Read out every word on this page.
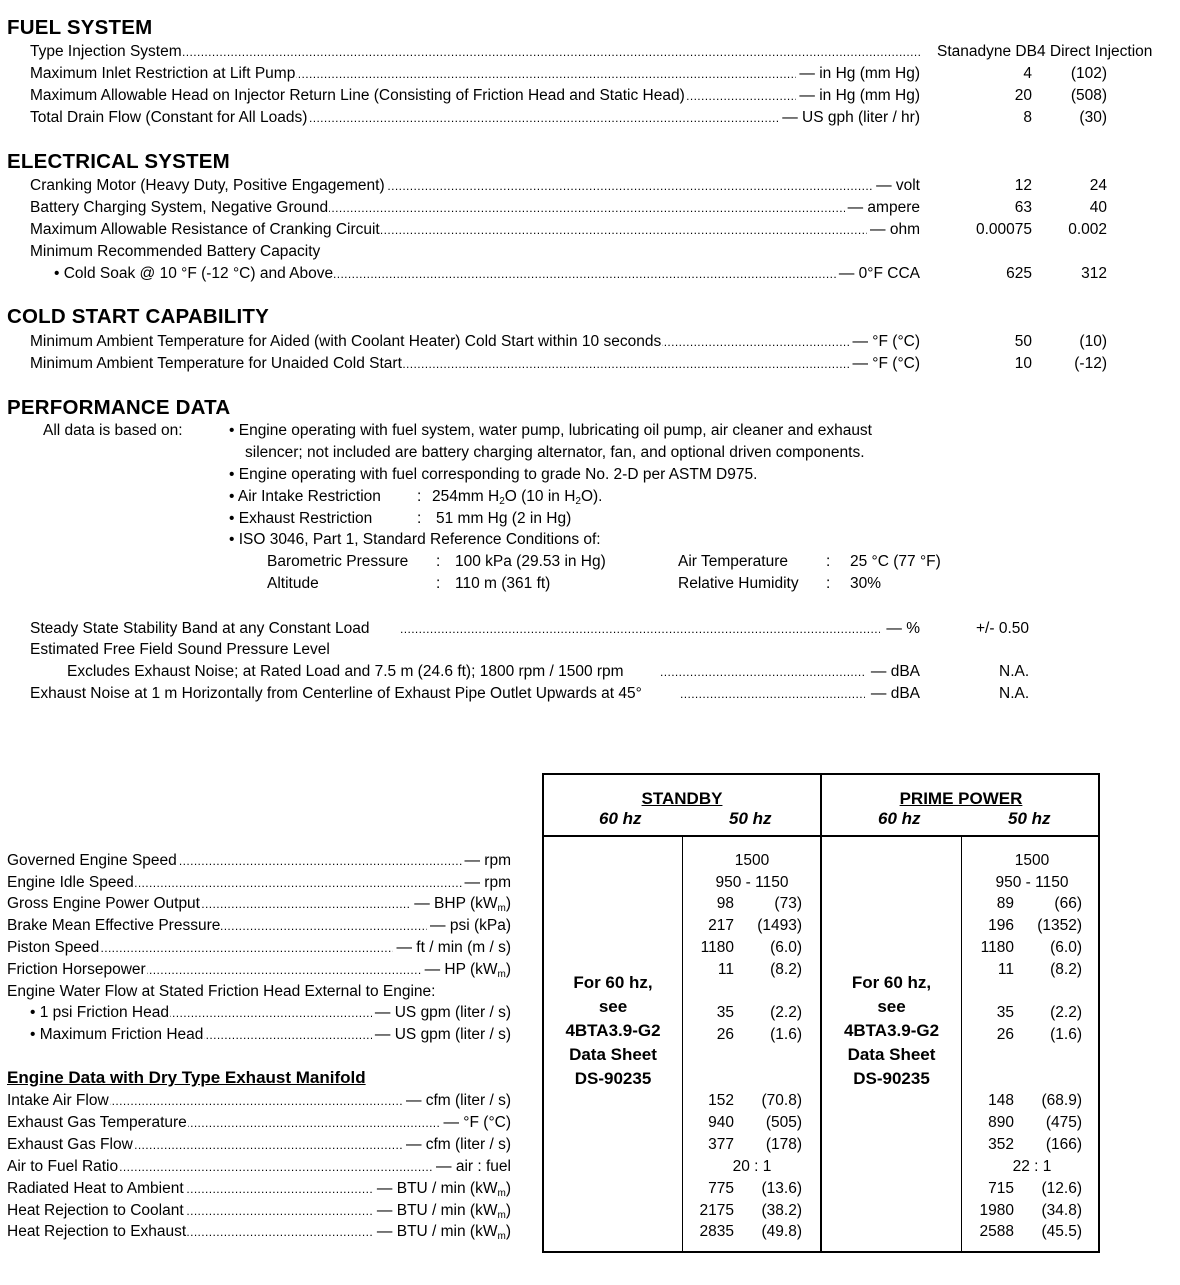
FUEL SYSTEM
.....
Type Injection System	Stanadyne DB4 Direct Injection
.....
Maximum Inlet Restriction at Lift Pump	— in Hg (mm Hg)	4	(102)
.....
Maximum Allowable Head on Injector Return Line (Consisting of Friction Head and Static Head)	— in Hg (mm Hg)	20	(508)
.....
Total Drain Flow (Constant for All Loads)	— US gph (liter / hr)	8	(30)
ELECTRICAL SYSTEM
.....
Cranking Motor (Heavy Duty, Positive Engagement)	— volt	12	24
.....
Battery Charging System, Negative Ground	— ampere	63	40
.....
Maximum Allowable Resistance of Cranking Circuit	— ohm	0.00075 0.002
Minimum Recommended Battery Capacity
.....
• Cold Soak @ 10 °F (-12 °C) and Above	— 0°F CCA	625	312
COLD START CAPABILITY
.....
Minimum Ambient Temperature for Aided (with Coolant Heater) Cold Start within 10 seconds	— °F (°C)	50	(10)
.....
Minimum Ambient Temperature for Unaided Cold Start	— °F (°C)	10	(-12)
PERFORMANCE DATA
All data is based on:	• Engine operating with fuel system, water pump, lubricating oil pump, air cleaner and exhaust
silencer; not included are battery charging alternator, fan, and optional driven components.
• Engine operating with fuel corresponding to grade No. 2-D per ASTM D975.
• Air Intake Restriction : 254mm $H_2O$ (10 in $H_2O$).
• Exhaust Restriction	: 51 mm Hg (2 in Hg)
• ISO 3046, Part 1, Standard Reference Conditions of:
Barometric Pressure : 100 kPa (29.53 in Hg)	Air Temperature : 25 °C (77 °F)
Altitude	: 110 m (361 ft)	Relative Humidity : 30%
.....
Steady State Stability Band at any Constant Load	— %	+/- 0.50
Estimated Free Field Sound Pressure Level
.....
Excludes Exhaust Noise; at Rated Load and 7.5 m (24.6 ft); 1800 rpm / 1500 rpm	— dBA	N.A.
.....
Exhaust Noise at 1 m Horizontally from Centerline of Exhaust Pipe Outlet Upwards at 45°	— dBA	N.A.
STANDBY
60 hz	50 hz
PRIME POWER
60 hz	50 hz
For 60 hz,
see
4BTA3.9-G2
Data Sheet
DS-90235
For 60 hz,
see
4BTA3.9-G2
Data Sheet
DS-90235
Engine Data with Dry Type Exhaust Manifold
.....
Governed Engine Speed	— rpm	1500	1500
.....
Engine Idle Speed	— rpm	950 - 1150	950 - 1150
.....
Gross Engine Power Output	— BHP $(kW_m)$	98	(73)	89	(66)
.....
Brake Mean Effective Pressure	— psi (kPa)	217 (1493)	196 (1352)
.....
Piston Speed	— ft / min (m / s)	1180 (6.0)	1180 (6.0)
.....
Friction Horsepower	— HP $(kW_m)$	11 (8.2)	11 (8.2)
Engine Water Flow at Stated Friction Head External to Engine:
.....
• 1 psi Friction Head	— US gpm (liter / s)	35 (2.2)	35 (2.2)
.....
• Maximum Friction Head	— US gpm (liter / s)	26 (1.6)	26 (1.6)
.....
Intake Air Flow	— cfm (liter / s)	152 (70.8)	148 (68.9)
.....
Exhaust Gas Temperature	— °F (°C)	940 (505)	890 (475)
.....
Exhaust Gas Flow	— cfm (liter / s)	377 (178)	352 (166)
.....
Air to Fuel Ratio	— air : fuel	20 : 1	22 : 1
.....
Radiated Heat to Ambient	— BTU / $\min (kW_m)$	775 (13.6)	715 (12.6)
.....
Heat Rejection to Coolant	— BTU / $\min (kW_m)$	2175 (38.2)	1980 (34.8)
.....
Heat Rejection to Exhaust	— BTU / $\min (kW_m)$	2835 (49.8)	2588 (45.5)
